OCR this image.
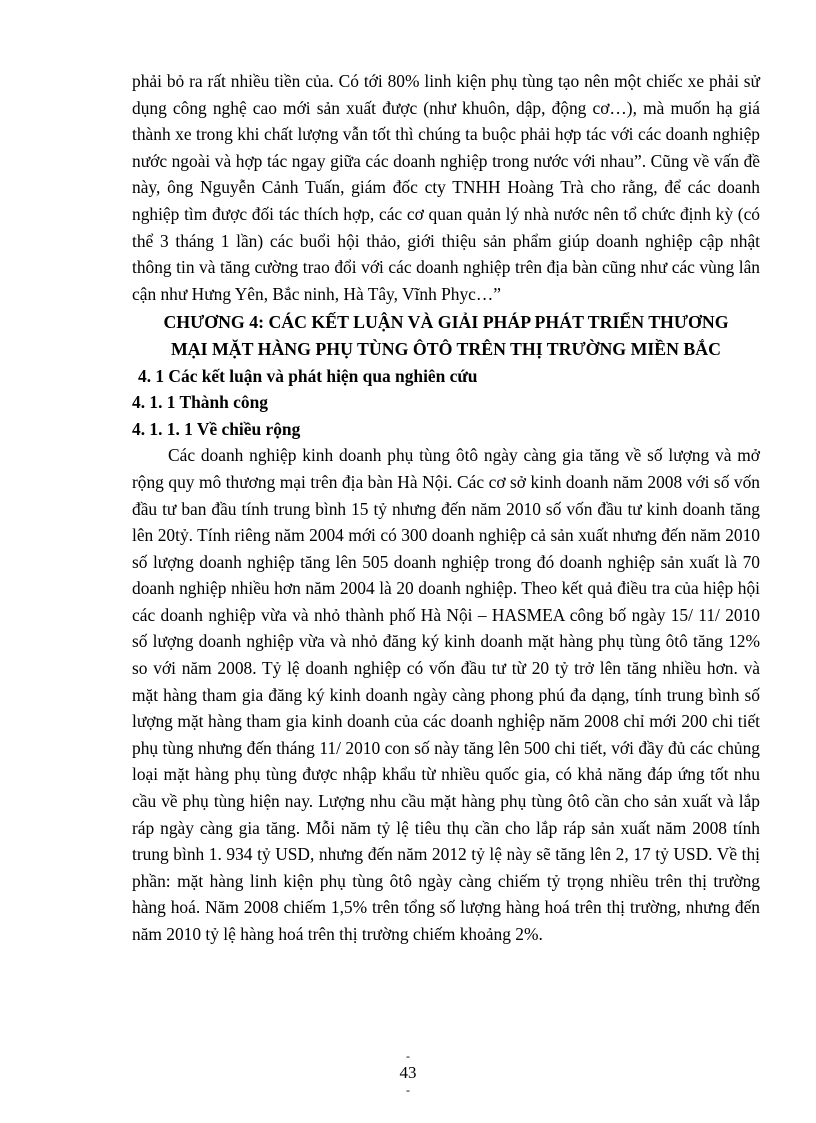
phải bỏ ra rất nhiều tiền của. Có tới 80% linh kiện phụ tùng tạo nên một chiếc xe phải sử dụng công nghệ cao mới sản xuất được (như khuôn, dập, động cơ…), mà muốn hạ giá thành xe trong khi chất lượng vẫn tốt thì chúng ta buộc phải hợp tác với các doanh nghiệp nước ngoài và hợp tác ngay giữa các doanh nghiệp trong nước với nhau”. Cũng về vấn đề này, ông Nguyễn Cảnh Tuấn, giám đốc cty TNHH Hoàng Trà cho rằng, để các doanh nghiệp tìm được đối tác thích hợp, các cơ quan quản lý nhà nước nên tổ chức định kỳ (có thể 3 tháng 1 lần) các buổi hội thảo, giới thiệu sản phẩm giúp doanh nghiệp cập nhật thông tin và tăng cường trao đổi với các doanh nghiệp trên địa bàn cũng như các vùng lân cận như Hưng Yên, Bắc ninh, Hà Tây, Vĩnh Phyc…”

CHƯƠNG 4: CÁC KẾT LUẬN VÀ GIẢI PHÁP PHÁT TRIỂN THƯƠNG
MẠI MẶT HÀNG PHỤ TÙNG ÔTÔ TRÊN THỊ TRƯỜNG MIỀN BẮC
4. 1 Các kết luận và phát hiện qua nghiên cứu
4. 1. 1 Thành công
4. 1. 1. 1 Về chiều rộng

Các doanh nghiệp kinh doanh phụ tùng ôtô ngày càng gia tăng về số lượng và mở rộng quy mô thương mại trên địa bàn Hà Nội. Các cơ sở kinh doanh năm 2008 với số vốn đầu tư ban đầu tính trung bình 15 tỷ nhưng đến năm 2010 số vốn đầu tư kinh doanh tăng lên 20tỷ. Tính riêng năm 2004 mới có 300 doanh nghiệp cả sản xuất nhưng đến năm 2010 số lượng doanh nghiệp tăng lên 505 doanh nghiệp trong đó doanh nghiệp sản xuất là 70 doanh nghiệp nhiều hơn năm 2004 là 20 doanh nghiệp. Theo kết quả điều tra của hiệp hội các doanh nghiệp vừa và nhỏ thành phố Hà Nội – HASMEA công bố ngày 15/ 11/ 2010 số lượng doanh nghiệp vừa và nhỏ đăng ký kinh doanh mặt hàng phụ tùng ôtô tăng 12% so với năm 2008. Tỷ lệ doanh nghiệp có vốn đầu tư từ 20 tỷ trở lên tăng nhiều hơn. và mặt hàng tham gia đăng ký kinh doanh ngày càng phong phú đa dạng, tính trung bình số lượng mặt hàng tham gia kinh doanh của các doanh ngh𝗂ệp năm 2008 chỉ mới 200 chi tiết phụ tùng nhưng đến tháng 11/ 2010 con số này tăng lên 500 chi tiết, với đầy đủ các chủng loại mặt hàng phụ tùng được nhập khẩu từ nhiều quốc gia, có khả năng đáp ứng tốt nhu cầu về phụ tùng hiện nay. Lượng nhu cầu mặt hàng phụ tùng ôtô cần cho sản xuất và lắp ráp ngày càng gia tăng. Mỗi năm tỷ lệ tiêu thụ cần cho lắp ráp sản xuất năm 2008 tính trung bình 1. 934 tỷ USD, nhưng đến năm 2012 tỷ lệ này sẽ tăng lên 2, 17 tỷ USD. Về thị phần: mặt hàng linh kiện phụ tùng ôtô ngày càng chiếm tỷ trọng nhiều trên thị trường hàng hoá. Năm 2008 chiếm 1,5% trên tổng số lượng hàng hoá trên thị trường, nhưng đến năm 2010 tỷ lệ hàng hoá trên thị trường chiếm khoảng 2%.

-
43
-
